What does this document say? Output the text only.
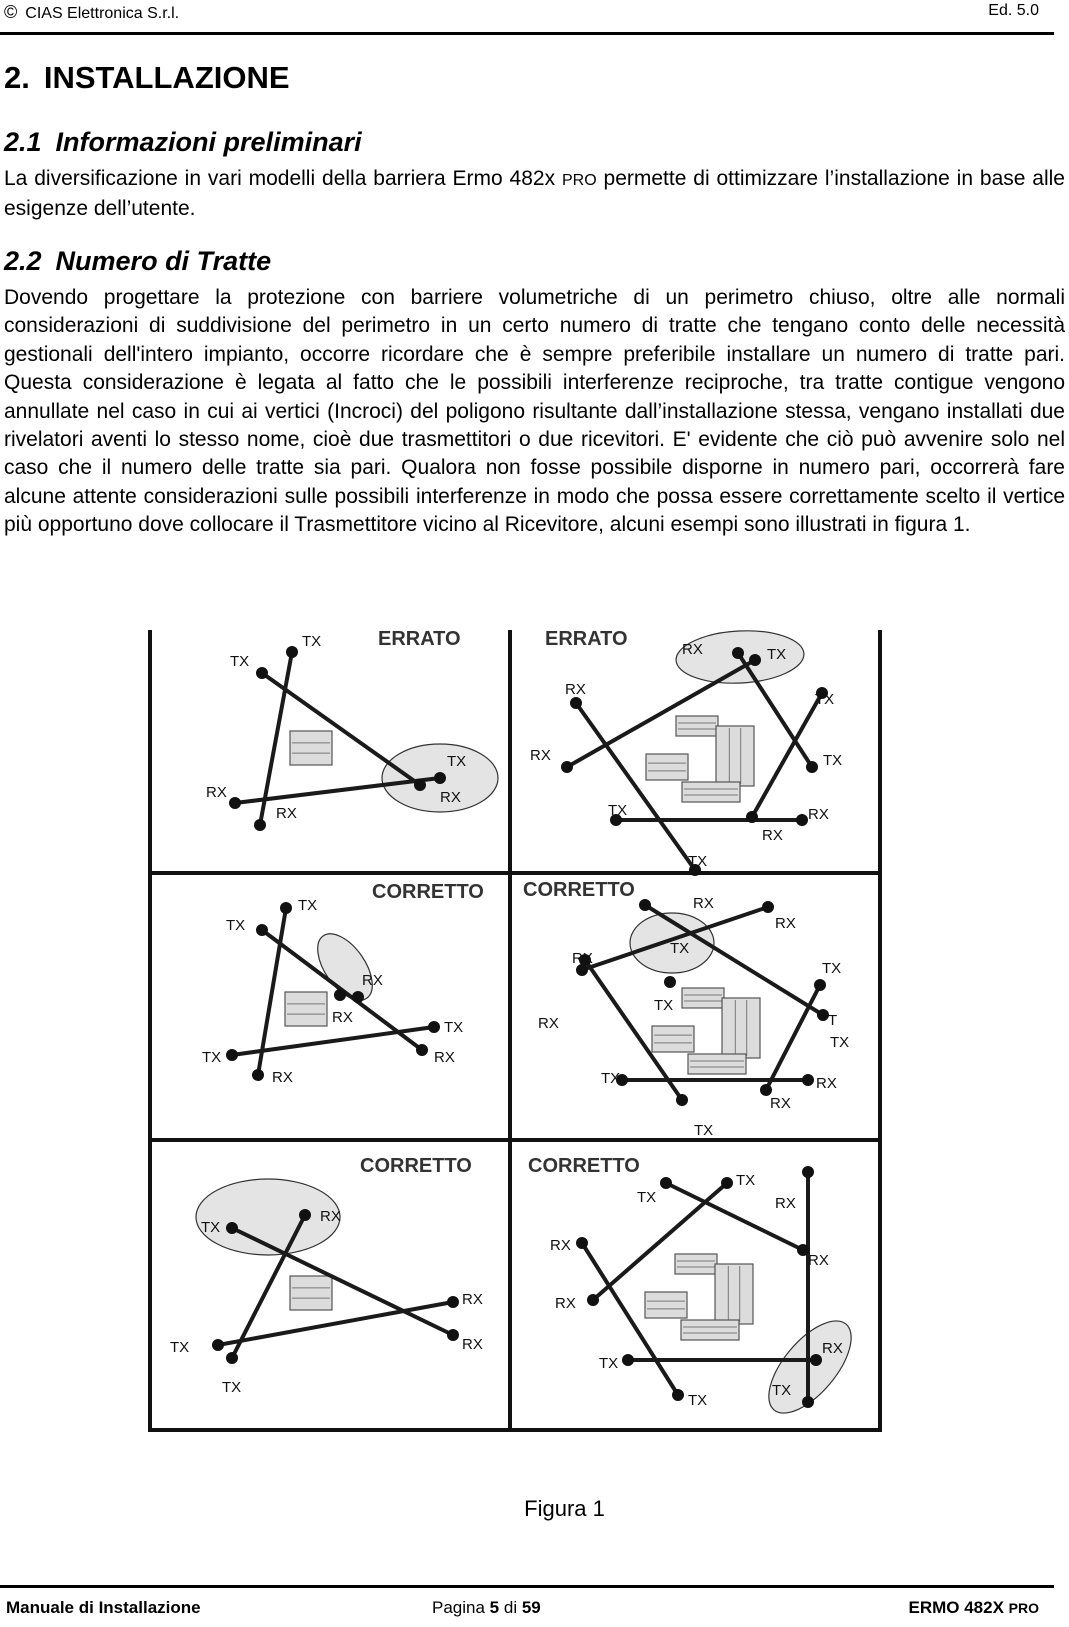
© CIAS Elettronica S.r.l.	Ed. 5.0
2. INSTALLAZIONE
2.1 Informazioni preliminari

La diversificazione in vari modelli della barriera Ermo 482x PRO permette di ottimizzare l’installazione in base alle esigenze dell’utente.

2.2 Numero di Tratte

Dovendo progettare la protezione con barriere volumetriche di un perimetro chiuso, oltre alle normali considerazioni di suddivisione del perimetro in un certo numero di tratte che tengano conto delle necessità gestionali dell'intero impianto, occorre ricordare che è sempre preferibile installare un numero di tratte pari. Questa considerazione è legata al fatto che le possibili interferenze reciproche, tra tratte contigue vengono annullate nel caso in cui ai vertici (Incroci) del poligono risultante dall’installazione stessa, vengano installati due rivelatori aventi lo stesso nome, cioè due trasmettitori o due ricevitori. E' evidente che ciò può avvenire solo nel caso che il numero delle tratte sia pari. Qualora non fosse possibile disporne in numero pari, occorrerà fare alcune attente considerazioni sulle possibili interferenze in modo che possa essere correttamente scelto il vertice più opportuno dove collocare il Trasmettitore vicino al Ricevitore, alcuni esempi sono illustrati in figura 1.

TX
TX
TX
RX
RX
RX
ERRATO	RX	TX
RX
TX
RX	TX
TX	RX
RX
TX
ERRATO
TX
TX
RX
RX
TX
RX
TX
RX
CORRETTO
RX
RX
TX
RX
TX
TX
RX	T
TX
TX
RX
RX
TX
CORRETTO
TX
RX
RX
TX	RX
TX
CORRETTO
TX
TX
RX
RX
RX
RX
TX
RX
TX
TX
CORRETTO
Figura 1
Manuale di Installazione	Pagina 5 di 59	ERMO 482X PRO
